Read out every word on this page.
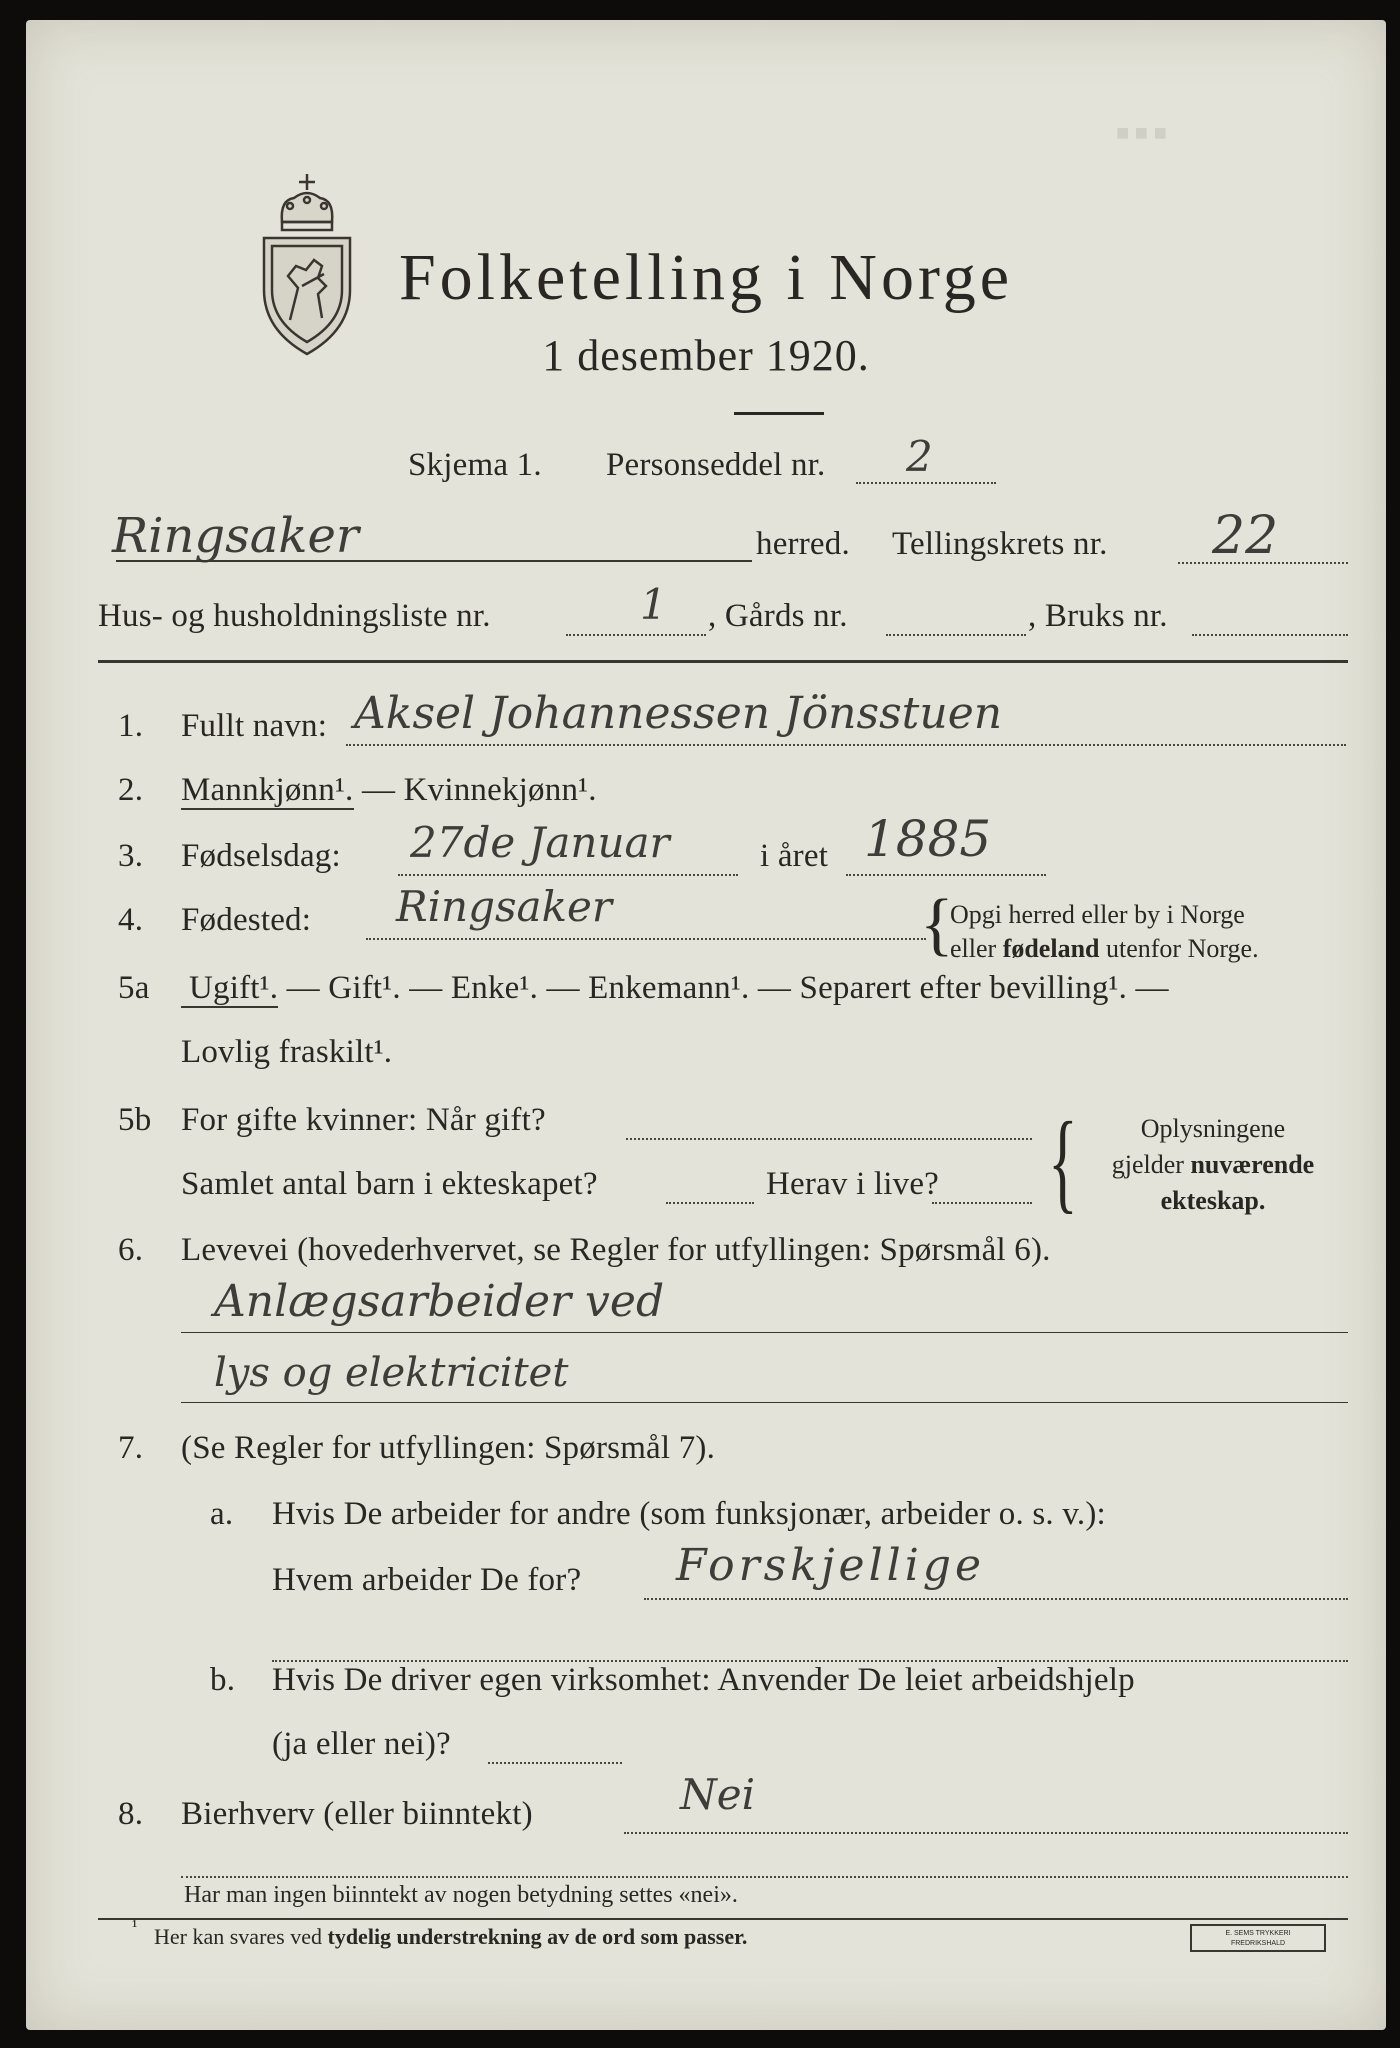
■ ■ ■
Folketelling i Norge
1 desember 1920.
Skjema 1. Personseddel nr. 2
Ringsaker	herred. Tellingskrets nr. 22
Hus- og husholdningsliste nr.	1 , Gårds nr.	, Bruks nr.
1. Fullt navn: Aksel Johannessen Jönsstuen
2. Mannkjønn¹. — Kvinnekjønn¹.
3. Fødselsdag: 27de Januar	i året 1885
4. Fødested: Ringsaker	{
Opgi herred eller by i Norge
eller fødeland utenfor Norge.
5a Ugift¹. — Gift¹. — Enke¹. — Enkemann¹. — Separert efter bevilling¹. —
Lovlig fraskilt¹.
5b For gifte kvinner: Når gift?
Samlet antal barn i ekteskapet?	Herav i live? {	Oplysningene
gjelder nuværende
ekteskap.
6. Levevei (hovederhvervet, se Regler for utfyllingen: Spørsmål 6).
Anlægsarbeider ved
lys og elektricitet
7. (Se Regler for utfyllingen: Spørsmål 7).
a. Hvis De arbeider for andre (som funksjonær, arbeider o. s. v.):
Hvem arbeider De for? Forskjellige
b. Hvis De driver egen virksomhet: Anvender De leiet arbeidshjelp
(ja eller nei)?
8. Bierhverv (eller biinntekt)	Nei
Har man ingen biinntekt av nogen betydning settes «nei».
¹ Her kan svares ved tydelig understrekning av de ord som passer.	E. SEMS TRYKKERI
FREDRIKSHALD
